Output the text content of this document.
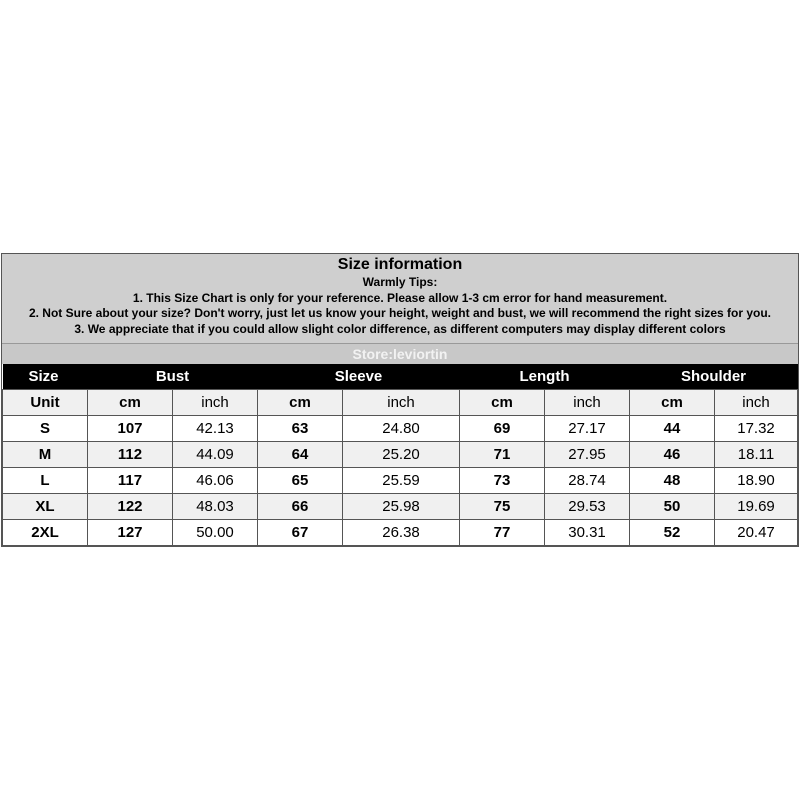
Size information
Warmly Tips:
1. This Size Chart is only for your reference. Please allow 1-3 cm error for hand measurement.
2. Not Sure about your size? Don't worry, just let us know your height, weight and bust, we will recommend the right sizes for you.
3. We appreciate that if you could allow slight color difference, as different computers may display different colors
Store:leviortin
Size	Bust		Sleeve		Length		Shoulder	
Unit	cm	inch	cm	inch	cm	inch	cm	inch
S	107	42.13	63	24.80	69	27.17	44	17.32
M	112	44.09	64	25.20	71	27.95	46	18.11
L	117	46.06	65	25.59	73	28.74	48	18.90
XL	122	48.03	66	25.98	75	29.53	50	19.69
2XL	127	50.00	67	26.38	77	30.31	52	20.47
